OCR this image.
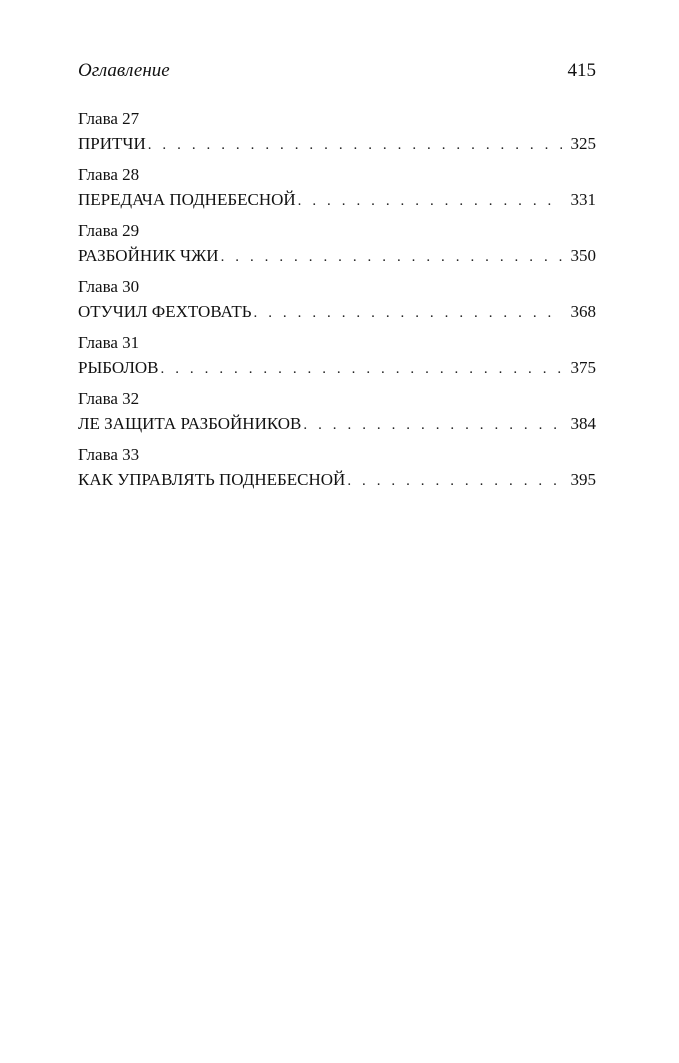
Оглавление	415
Глава 27
ПРИТЧИ . . .	325
Глава 28
ПЕРЕДАЧА ПОДНЕБЕСНОЙ . . .	331
Глава 29
РАЗБОЙНИК ЧЖИ . . .	350
Глава 30
ОТУЧИЛ ФЕХТОВАТЬ . . .	368
Глава 31
РЫБОЛОВ . . .	375
Глава 32
ЛЕ ЗАЩИТА РАЗБОЙНИКОВ . . .	384
Глава 33
КАК УПРАВЛЯТЬ ПОДНЕБЕСНОЙ . . .	395
